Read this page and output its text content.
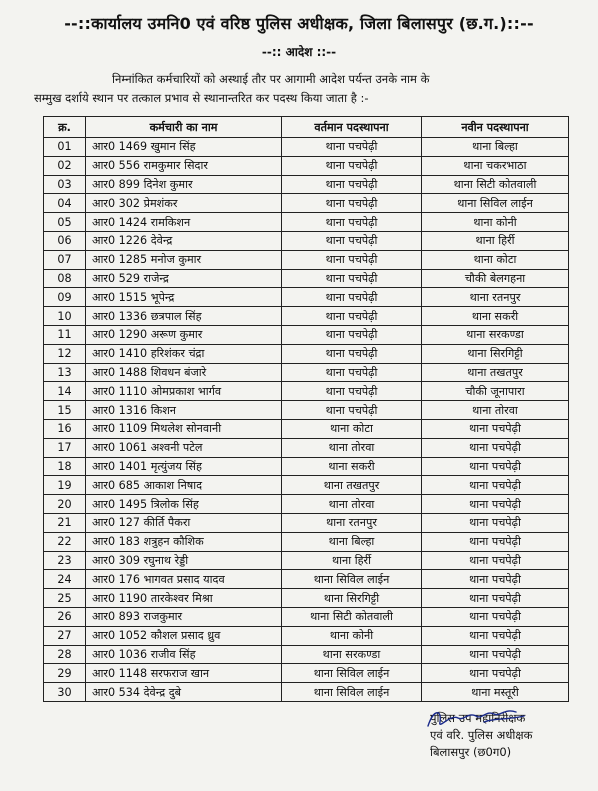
--::कार्यालय उमनि0 एवं वरिष्ठ पुलिस अधीक्षक, जिला बिलासपुर (छ.ग.)::--
--:: आदेश ::--
निम्नांकित कर्मचारियों को अस्थाई तौर पर आगामी आदेश पर्यन्त उनके नाम के
सम्मुख दर्शाये स्थान पर तत्काल प्रभाव से स्थानान्तरित कर पदस्थ किया जाता है :-
क्र.	कर्मचारी का नाम	वर्तमान पदस्थापना	नवीन पदस्थापना
01	आर0 1469 खुमान सिंह	थाना पचपेढ़ी	थाना बिल्हा
02	आर0 556 रामकुमार सिदार	थाना पचपेढ़ी	थाना चकरभाठा
03	आर0 899 दिनेश कुमार	थाना पचपेढ़ी	थाना सिटी कोतवाली
04	आर0 302 प्रेमशंकर	थाना पचपेढ़ी	थाना सिविल लाईन
05	आर0 1424 रामकिशन	थाना पचपेढ़ी	थाना कोनी
06	आर0 1226 देवेन्द्र	थाना पचपेढ़ी	थाना हिर्री
07	आर0 1285 मनोज कुमार	थाना पचपेढ़ी	थाना कोटा
08	आर0 529 राजेन्द्र	थाना पचपेढ़ी	चौकी बेलगहना
09	आर0 1515 भूपेन्द्र	थाना पचपेढ़ी	थाना रतनपुर
10	आर0 1336 छत्रपाल सिंह	थाना पचपेढ़ी	थाना सकरी
11	आर0 1290 अरूण कुमार	थाना पचपेढ़ी	थाना सरकण्डा
12	आर0 1410 हरिशंकर चंद्रा	थाना पचपेढ़ी	थाना सिरगिट्टी
13	आर0 1488 शिवधन बंजारे	थाना पचपेढ़ी	थाना तखतपुर
14	आर0 1110 ओमप्रकाश भार्गव	थाना पचपेढ़ी	चौकी जूनापारा
15	आर0 1316 किशन	थाना पचपेढ़ी	थाना तोरवा
16	आर0 1109 मिथलेश सोनवानी	थाना कोटा	थाना पचपेढ़ी
17	आर0 1061 अश्वनी पटेल	थाना तोरवा	थाना पचपेढ़ी
18	आर0 1401 मृत्युंजय सिंह	थाना सकरी	थाना पचपेढ़ी
19	आर0 685 आकाश निषाद	थाना तखतपुर	थाना पचपेढ़ी
20	आर0 1495 त्रिलोक सिंह	थाना तोरवा	थाना पचपेढ़ी
21	आर0 127 कीर्ति पैकरा	थाना रतनपुर	थाना पचपेढ़ी
22	आर0 183 शत्रुहन कौशिक	थाना बिल्हा	थाना पचपेढ़ी
23	आर0 309 रघुनाथ रेड्डी	थाना हिर्री	थाना पचपेढ़ी
24	आर0 176 भागवत प्रसाद यादव	थाना सिविल लाईन	थाना पचपेढ़ी
25	आर0 1190 तारकेश्वर मिश्रा	थाना सिरगिट्टी	थाना पचपेढ़ी
26	आर0 893 राजकुमार	थाना सिटी कोतवाली	थाना पचपेढ़ी
27	आर0 1052 कौशल प्रसाद ध्रुव	थाना कोनी	थाना पचपेढ़ी
28	आर0 1036 राजीव सिंह	थाना सरकण्डा	थाना पचपेढ़ी
29	आर0 1148 सरफराज खान	थाना सिविल लाईन	थाना पचपेढ़ी
30	आर0 534 देवेन्द्र दुबे	थाना सिविल लाईन	थाना मस्तूरी
पुलिस उप महानिरीक्षक
एवं वरि. पुलिस अधीक्षक
बिलासपुर (छ0ग0)
